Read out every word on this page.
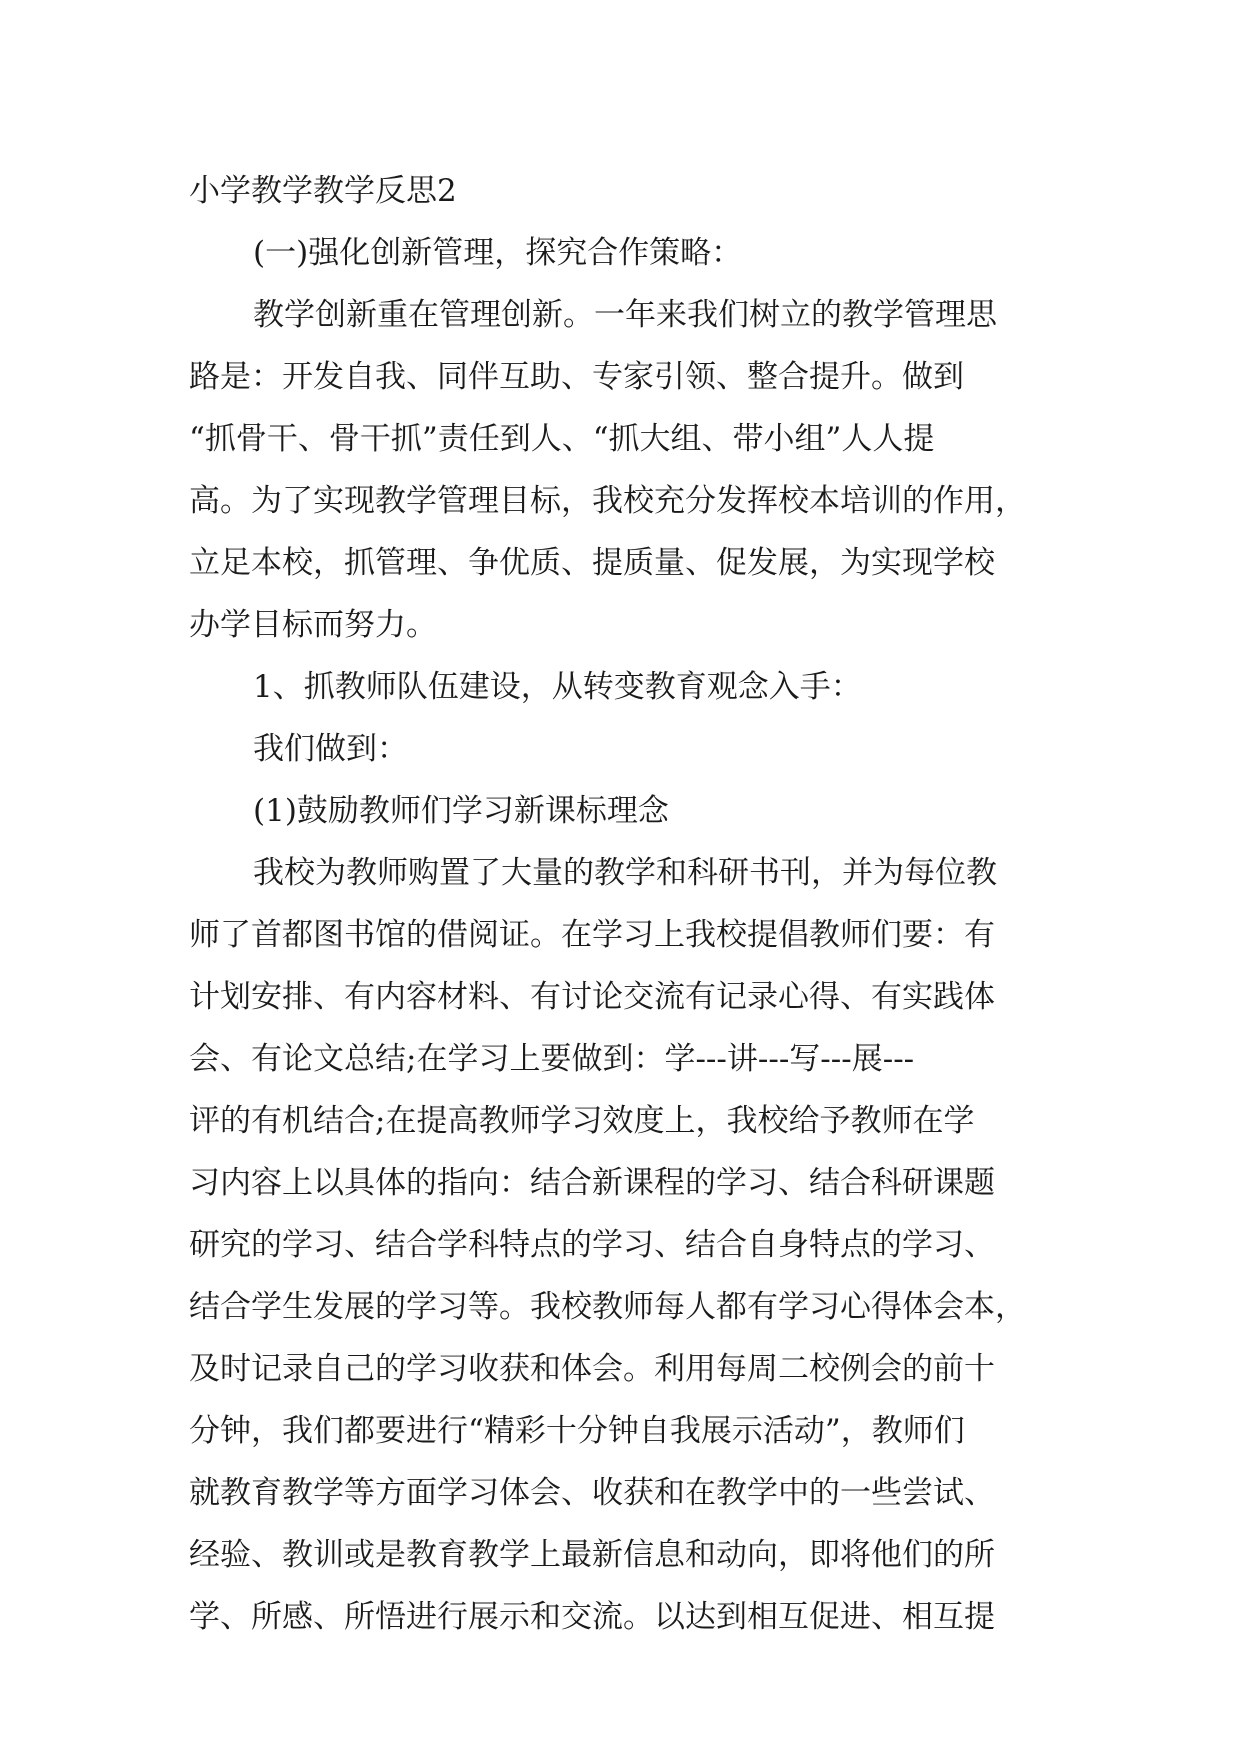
小学教学教学反思2

(一)强化创新管理，探究合作策略：

教学创新重在管理创新。一年来我们树立的教学管理思
路是：开发自我、同伴互助、专家引领、整合提升。做到
“抓骨干、骨干抓”责任到人、“抓大组、带小组”人人提
高。为了实现教学管理目标，我校充分发挥校本培训的作用，
立足本校，抓管理、争优质、提质量、促发展，为实现学校
办学目标而努力。

1、抓教师队伍建设，从转变教育观念入手：

我们做到：

(1)鼓励教师们学习新课标理念

我校为教师购置了大量的教学和科研书刊，并为每位教
师了首都图书馆的借阅证。在学习上我校提倡教师们要：有
计划安排、有内容材料、有讨论交流有记录心得、有实践体
会、有论文总结;在学习上要做到：学---讲---写---展---
评的有机结合;在提高教师学习效度上，我校给予教师在学
习内容上以具体的指向：结合新课程的学习、结合科研课题
研究的学习、结合学科特点的学习、结合自身特点的学习、
结合学生发展的学习等。我校教师每人都有学习心得体会本，
及时记录自己的学习收获和体会。利用每周二校例会的前十
分钟，我们都要进行“精彩十分钟自我展示活动”，教师们
就教育教学等方面学习体会、收获和在教学中的一些尝试、
经验、教训或是教育教学上最新信息和动向，即将他们的所
学、所感、所悟进行展示和交流。以达到相互促进、相互提
